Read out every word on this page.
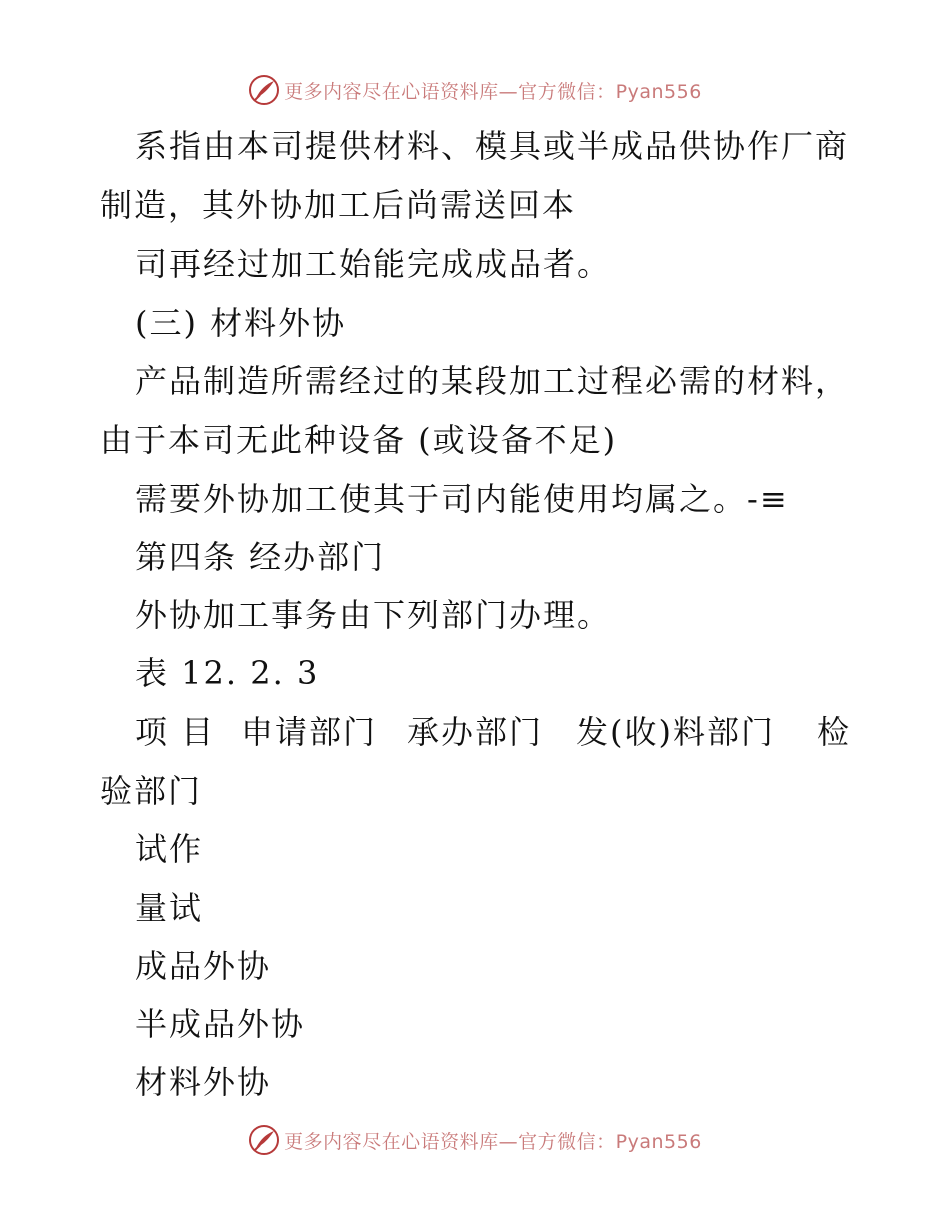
更多内容尽在心语资料库—官方微信：Pyan556
系指由本司提供材料、模具或半成品供协作厂商
制造，其外协加工后尚需送回本
司再经过加工始能完成成品者。
(三) 材料外协
产品制造所需经过的某段加工过程必需的材料，
由于本司无此种设备 (或设备不足)
需要外协加工使其于司内能使用均属之。-≡
第四条 经办部门
外协加工事务由下列部门办理。
表 12. 2. 3
项 目 申请部门 承办部门 发(收)料部门 检
验部门
试作
量试
成品外协
半成品外协
材料外协
更多内容尽在心语资料库—官方微信：Pyan556
